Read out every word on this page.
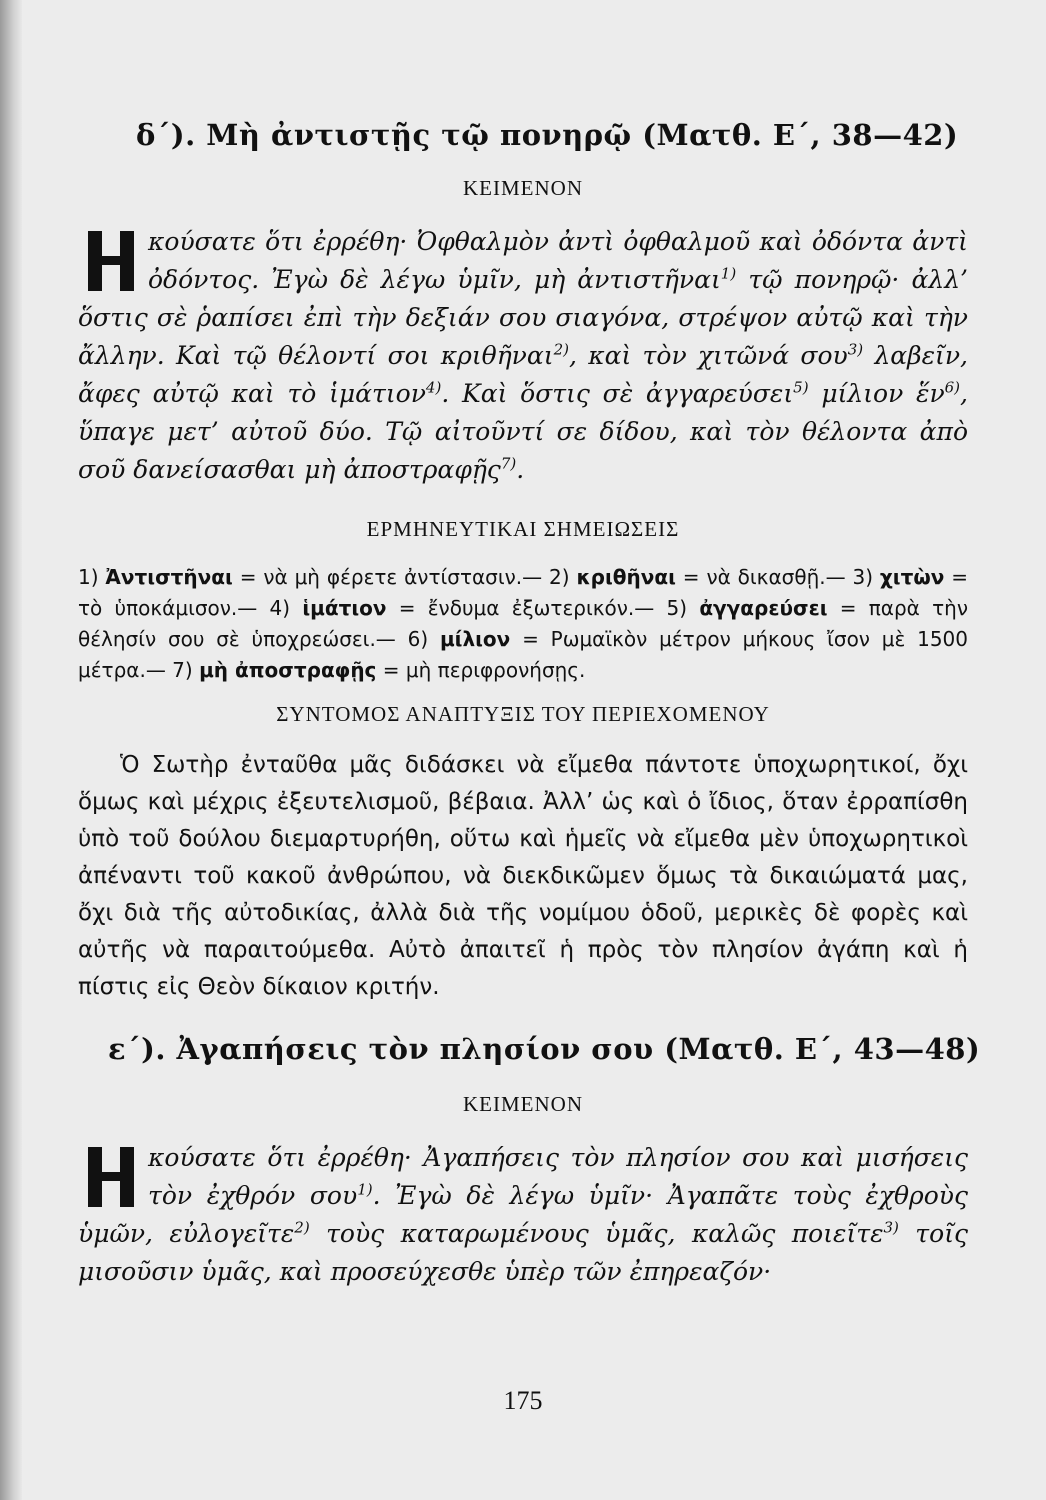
δ΄). Μὴ ἀντιστῇς τῷ πονηρῷ (Ματθ. Ε΄, 38—42)
ΚΕΙΜΕΝΟΝ

κούσατε ὅτι ἐρρέθη· Ὀφθαλμὸν ἀντὶ ὀφθαλμοῦ καὶ ὀδόντα ἀντὶ ὀδόντος. Ἐγὼ δὲ λέγω ὑμῖν, μὴ ἀντιστῆναι$^{1)}$ τῷ πονηρῷ· ἀλλ’ ὅστις σὲ ῥαπίσει ἐπὶ τὴν δεξιάν σου σιαγόνα, στρέψον αὐτῷ καὶ τὴν ἄλλην. Καὶ τῷ θέλοντί σοι κριθῆναι$^{2)}$, καὶ τὸν χιτῶνά σου$^{3)}$ λαβεῖν, ἄφες αὐτῷ καὶ τὸ ἱμάτιον$^{4)}$. Καὶ ὅστις σὲ ἀγγαρεύσει$^{5)}$ μίλιον ἕν$^{6)}$, ὕπαγε μετ’ αὐτοῦ δύο. Τῷ αἰτοῦντί σε δίδου, καὶ τὸν θέλοντα ἀπὸ σοῦ δανείσασθαι μὴ ἀποστραφῇς$^{7)}$.

ΕΡΜΗΝΕΥΤΙΚΑΙ ΣΗΜΕΙΩΣΕΙΣ

1) Ἀντιστῆναι = νὰ μὴ φέρετε ἀντίστασιν.— 2) κριθῆναι = νὰ δικασθῇ.— 3) χιτὼν = τὸ ὑποκάμισον.— 4) ἱμάτιον = ἔνδυμα ἐξωτερικόν.— 5) ἀγγαρεύσει = παρὰ τὴν θέλησίν σου σὲ ὑποχρεώσει.— 6) μίλιον = Ρωμαϊκὸν μέτρον μήκους ἴσον μὲ 1500 μέτρα.— 7) μὴ ἀποστραφῇς = μὴ περιφρονήσῃς.

ΣΥΝΤΟΜΟΣ ΑΝΑΠΤΥΞΙΣ ΤΟΥ ΠΕΡΙΕΧΟΜΕΝΟΥ

Ὁ Σωτὴρ ἐνταῦθα μᾶς διδάσκει νὰ εἴμεθα πάντοτε ὑποχωρητικοί, ὄχι ὅμως καὶ μέχρις ἐξευτελισμοῦ, βέβαια. Ἀλλ’ ὡς καὶ ὁ ἴδιος, ὅταν ἐρραπίσθη ὑπὸ τοῦ δούλου διεμαρτυρήθη, οὕτω καὶ ἡμεῖς νὰ εἴμεθα μὲν ὑποχωρητικοὶ ἀπέναντι τοῦ κακοῦ ἀνθρώπου, νὰ διεκδικῶμεν ὅμως τὰ δικαιώματά μας, ὄχι διὰ τῆς αὐτοδικίας, ἀλλὰ διὰ τῆς νομίμου ὁδοῦ, μερικὲς δὲ φορὲς καὶ αὐτῆς νὰ παραιτούμεθα. Αὐτὸ ἀπαιτεῖ ἡ πρὸς τὸν πλησίον ἀγάπη καὶ ἡ πίστις εἰς Θεὸν δίκαιον κριτήν.

ε΄). Ἀγαπήσεις τὸν πλησίον σου (Ματθ. Ε΄, 43—48)
ΚΕΙΜΕΝΟΝ

κούσατε ὅτι ἐρρέθη· Ἀγαπήσεις τὸν πλησίον σου καὶ μισήσεις τὸν ἐχθρόν σου$^{1)}$. Ἐγὼ δὲ λέγω ὑμῖν· Ἀγαπᾶτε τοὺς ἐχθροὺς ὑμῶν, εὐλογεῖτε$^{2)}$ τοὺς καταρωμένους ὑμᾶς, καλῶς ποιεῖτε$^{3)}$ τοῖς μισοῦσιν ὑμᾶς, καὶ προσεύχεσθε ὑπὲρ τῶν ἐπηρεαζόν·

175
